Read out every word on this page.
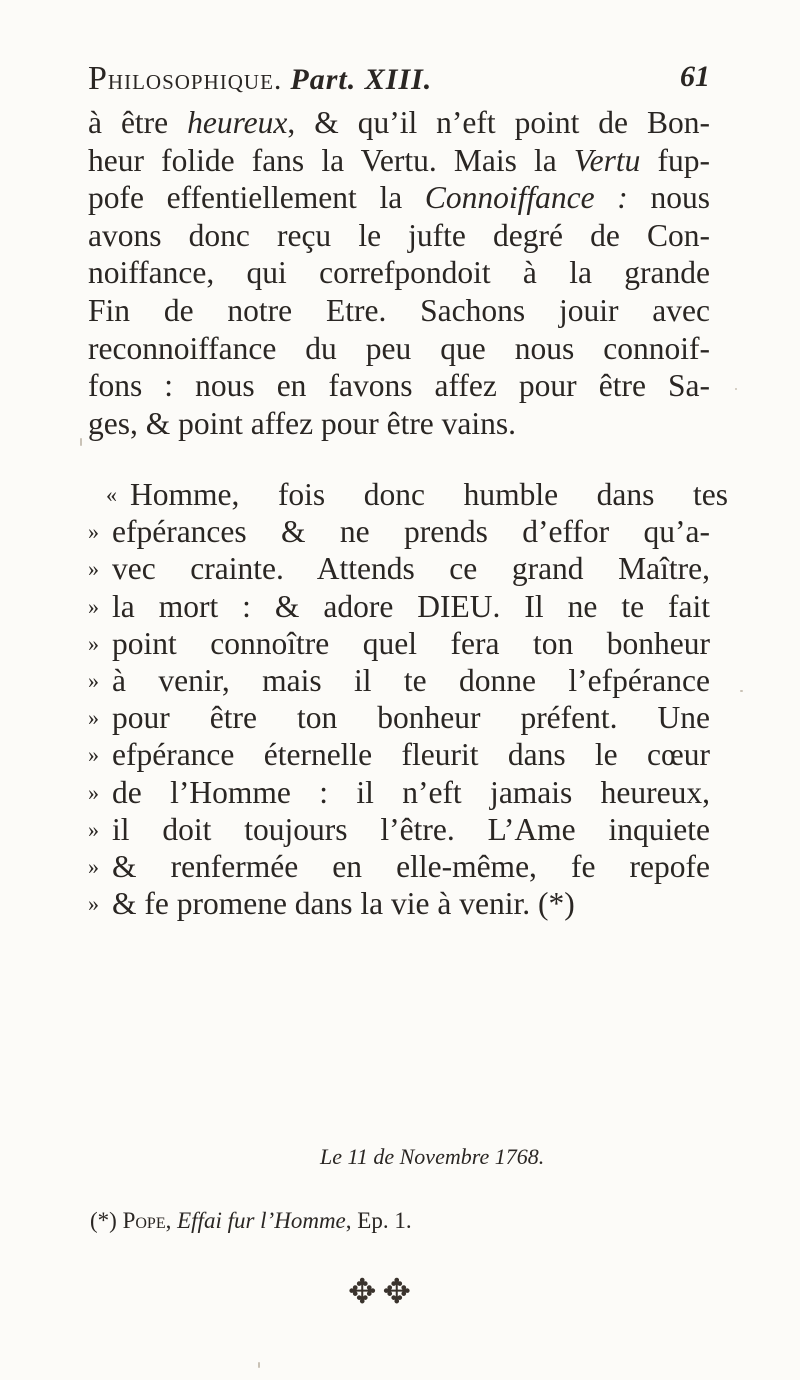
Philosophique. Part. XIII.	61
à être heureux, & qu’il n’eft point de Bon-
heur folide fans la Vertu. Mais la Vertu fup-
pofe effentiellement la Connoiffance : nous
avons donc reçu le jufte degré de Con-
noiffance, qui correfpondoit à la grande
Fin de notre Etre. Sachons jouir avec
reconnoiffance du peu que nous connoif-
fons : nous en favons affez pour être Sa-
ges, & point affez pour être vains.
« Homme, fois donc humble dans tes
» efpérances & ne prends d’effor qu’a-
» vec crainte. Attends ce grand Maître,
» la mort : & adore DIEU. Il ne te fait
» point connoître quel fera ton bonheur
» à venir, mais il te donne l’efpérance
» pour être ton bonheur préfent. Une
» efpérance éternelle fleurit dans le cœur
» de l’Homme : il n’eft jamais heureux,
» il doit toujours l’être. L’Ame inquiete
» & renfermée en elle-même, fe repofe
» & fe promene dans la vie à venir. (*)
Le 11 de Novembre 1768.
(*) Pope, Effai fur l’Homme, Ep. 1.
✥✥
